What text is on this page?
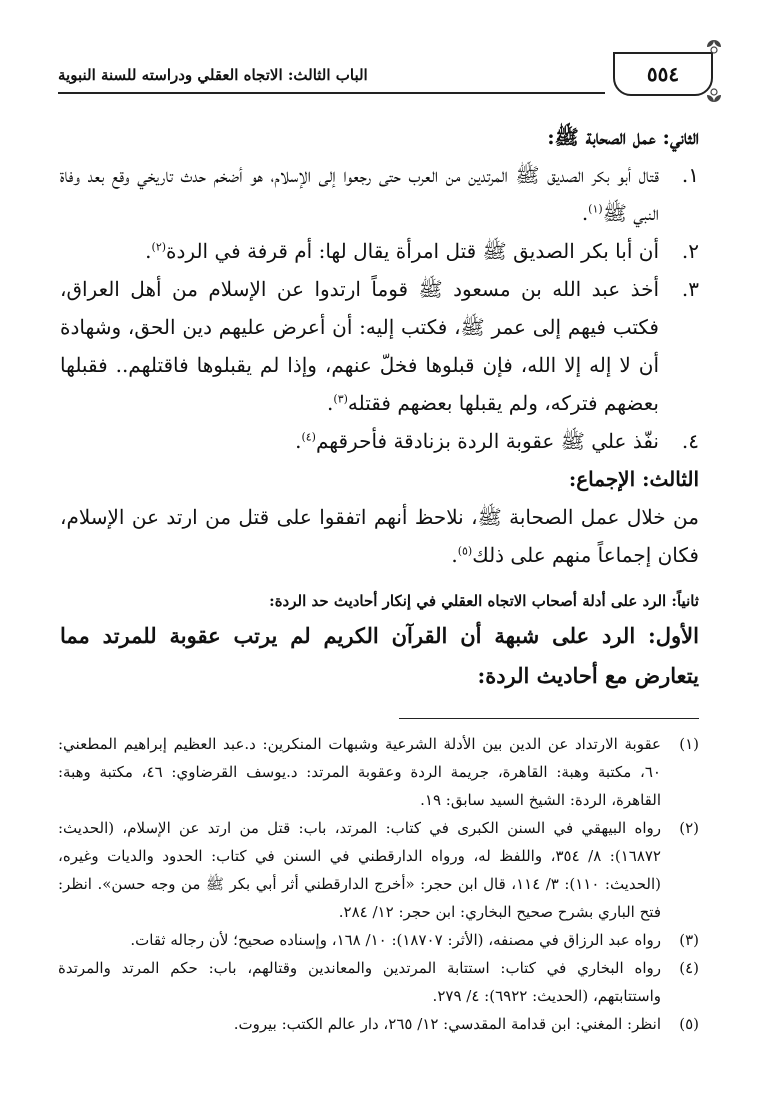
٥٥٤
الباب الثالث: الاتجاه العقلي ودراسته للسنة النبوية

الثاني: عمل الصحابة ﷺ:

١.
قتال أبو بكر الصديق ﷺ المرتدين من العرب حتى رجعوا إلى الإسلام، هو أضخم حدث تاريخي وقع بعد وفاة النبي ﷺ$^{(١)}$.

٢.
أن أبا بكر الصديق ﷺ قتل امرأة يقال لها: أم قرفة في الردة$^{(٢)}$.

٣.
أخذ عبد الله بن مسعود ﷺ قوماً ارتدوا عن الإسلام من أهل العراق، فكتب فيهم إلى عمر ﷺ، فكتب إليه: أن أعرض عليهم دين الحق، وشهادة أن لا إله إلا الله، فإن قبلوها فخلّ عنهم، وإذا لم يقبلوها فاقتلهم.. فقبلها بعضهم فتركه، ولم يقبلها بعضهم فقتله$^{(٣)}$.

٤.
نفّذ علي ﷺ عقوبة الردة بزنادقة فأحرقهم$^{(٤)}$.

الثالث: الإجماع:

من خلال عمل الصحابة ﷺ، نلاحظ أنهم اتفقوا على قتل من ارتد عن الإسلام، فكان إجماعاً منهم على ذلك$^{(٥)}$.

ثانياً: الرد على أدلة أصحاب الاتجاه العقلي في إنكار أحاديث حد الردة:

الأول: الرد على شبهة أن القرآن الكريم لم يرتب عقوبة للمرتد مما يتعارض مع أحاديث الردة:

(١)
عقوبة الارتداد عن الدين بين الأدلة الشرعية وشبهات المنكرين: د.عبد العظيم إبراهيم المطعني: ٦٠، مكتبة وهبة: القاهرة، جريمة الردة وعقوبة المرتد: د.يوسف القرضاوي: ٤٦، مكتبة وهبة: القاهرة، الردة: الشيخ السيد سابق: ١٩.

(٢)
رواه البيهقي في السنن الكبرى في كتاب: المرتد، باب: قتل من ارتد عن الإسلام، (الحديث: ١٦٨٧٢): ٨/ ٣٥٤، واللفظ له، ورواه الدارقطني في السنن في كتاب: الحدود والديات وغيره، (الحديث: ١١٠): ٣/ ١١٤، قال ابن حجر: «أخرج الدارقطني أثر أبي بكر ﷺ من وجه حسن». انظر: فتح الباري بشرح صحيح البخاري: ابن حجر: ١٢/ ٢٨٤.

(٣)
رواه عبد الرزاق في مصنفه، (الأثر: ١٨٧٠٧): ١٠/ ١٦٨، وإسناده صحيح؛ لأن رجاله ثقات.

(٤)
رواه البخاري في كتاب: استتابة المرتدين والمعاندين وقتالهم، باب: حكم المرتد والمرتدة واستتابتهم، (الحديث: ٦٩٢٢): ٤/ ٢٧٩.

(٥)
انظر: المغني: ابن قدامة المقدسي: ١٢/ ٢٦٥، دار عالم الكتب: بيروت.
